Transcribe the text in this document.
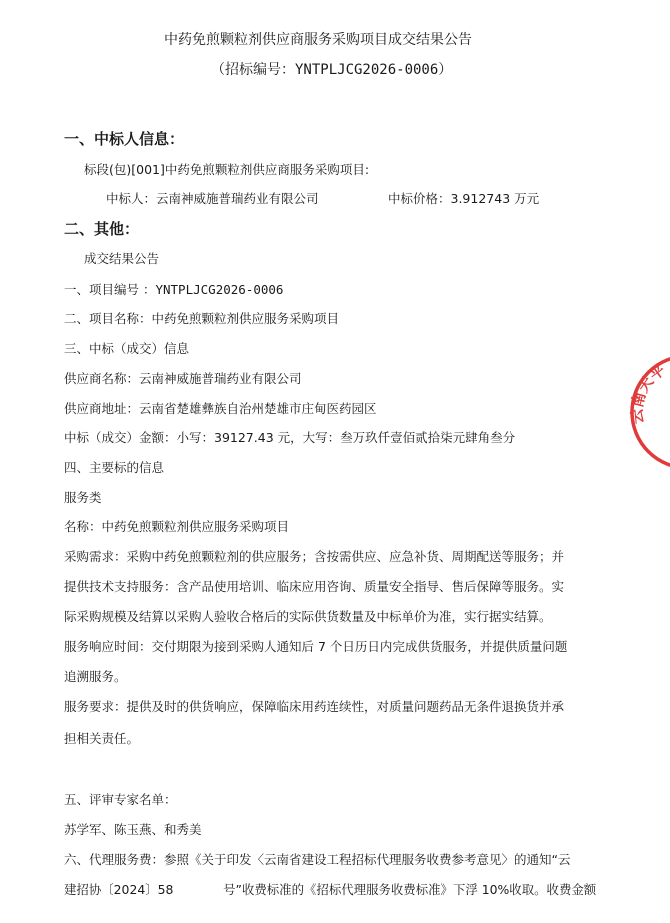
中药免煎颗粒剂供应商服务采购项目成交结果公告
（招标编号：YNTPLJCG2026-0006）
一、中标人信息：
标段(包)[001]中药免煎颗粒剂供应商服务采购项目:
中标人：云南神威施普瑞药业有限公司	中标价格：3.912743 万元
二、其他：
成交结果公告
一、项目编号 ：YNTPLJCG2026-0006
二、项目名称：中药免煎颗粒剂供应服务采购项目
三、中标（成交）信息
供应商名称：云南神威施普瑞药业有限公司
供应商地址：云南省楚雄彝族自治州楚雄市庄甸医药园区
中标（成交）金额：小写：39127.43 元，大写：叁万玖仟壹佰贰拾柒元肆角叁分
四、主要标的信息
服务类
名称：中药免煎颗粒剂供应服务采购项目
采购需求：采购中药免煎颗粒剂的供应服务；含按需供应、应急补货、周期配送等服务；并
提供技术支持服务：含产品使用培训、临床应用咨询、质量安全指导、售后保障等服务。实
际采购规模及结算以采购人验收合格后的实际供货数量及中标单价为准，实行据实结算。
服务响应时间：交付期限为接到采购人通知后 7 个日历日内完成供货服务，并提供质量问题
追溯服务。
服务要求：提供及时的供货响应，保障临床用药连续性，对质量问题药品无条件退换货并承
担相关责任。
五、评审专家名单：
苏学军、陈玉燕、和秀美
六、代理服务费：参照《关于印发〈云南省建设工程招标代理服务收费参考意见〉的通知“云
建招协〔2024〕58　　　　号”收费标准的《招标代理服务收费标准》下浮 10%收取。收费金额
云南天平
